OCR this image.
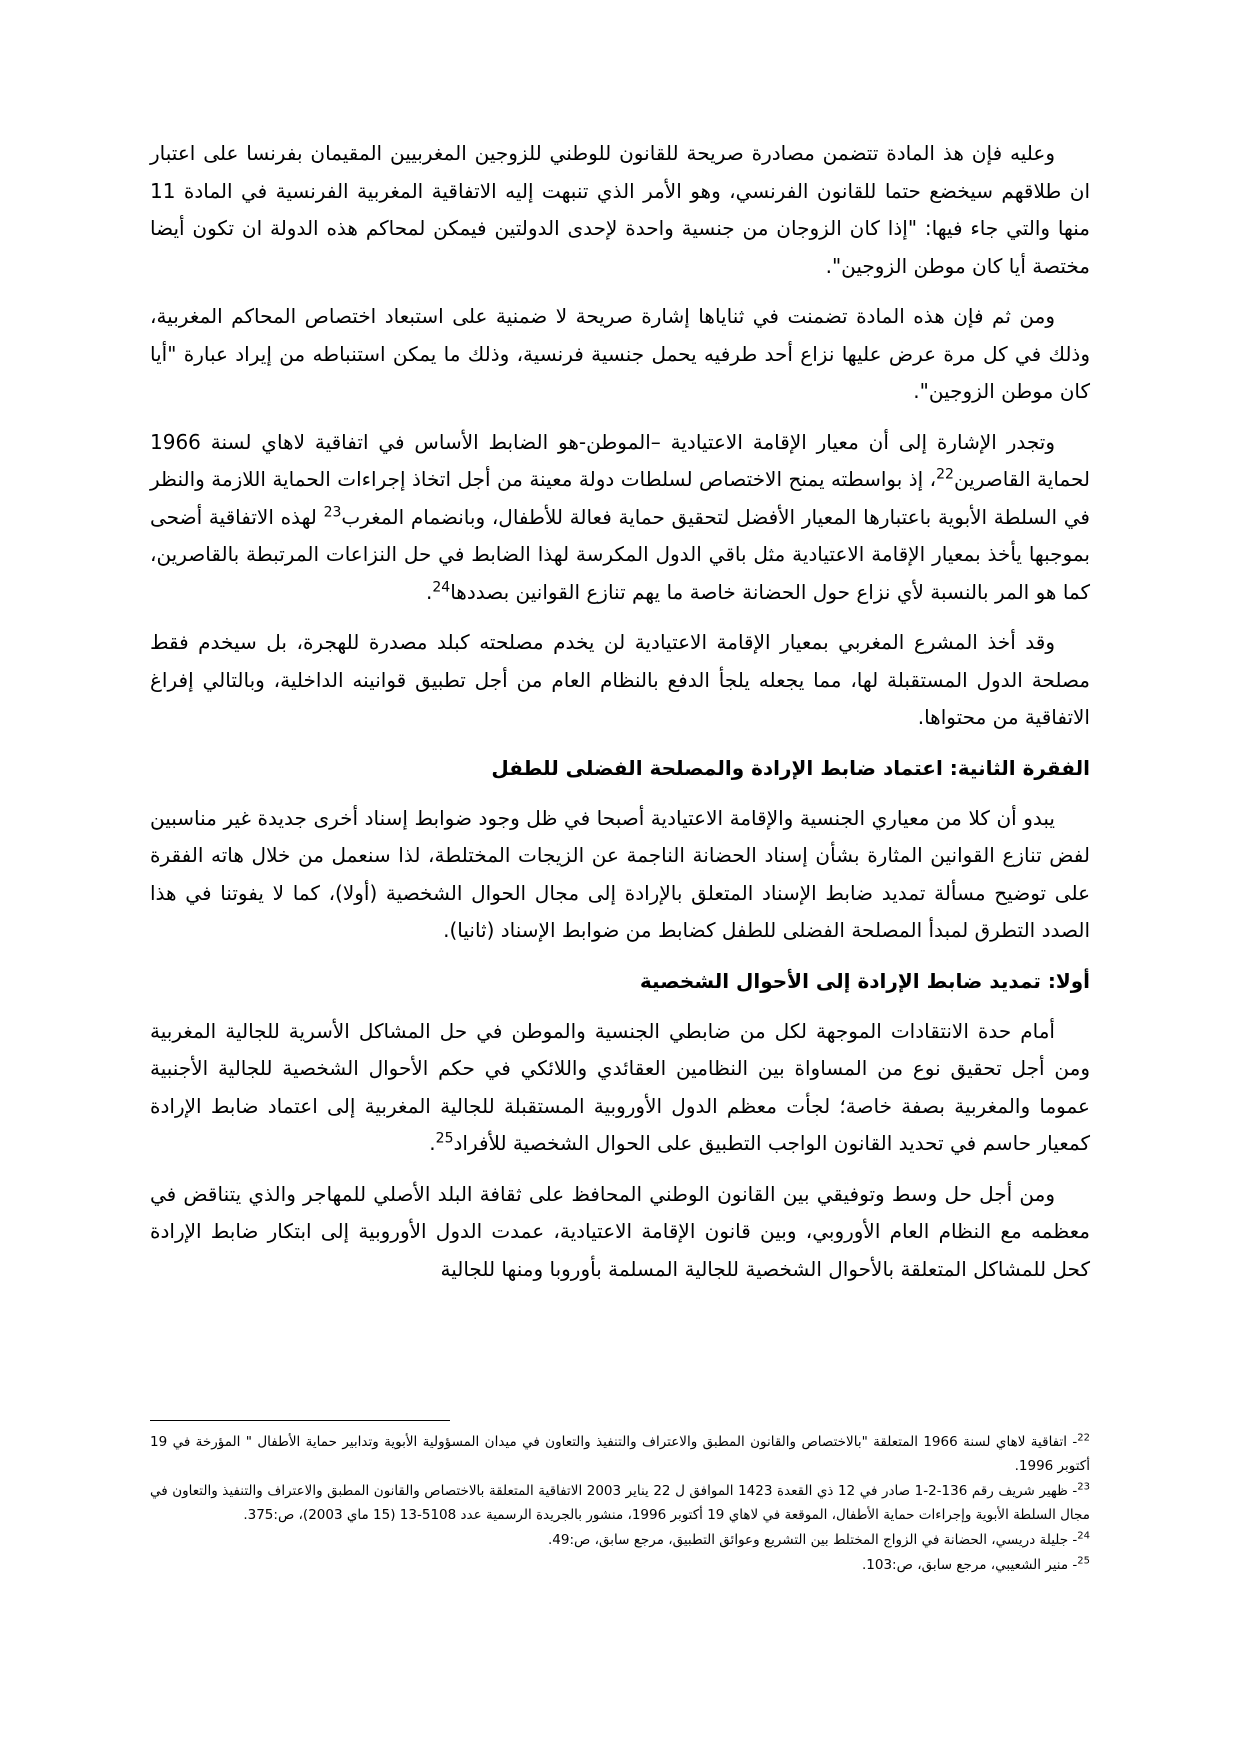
وعليه فإن هذ المادة تتضمن مصادرة صريحة للقانون للوطني للزوجين المغربيين المقيمان بفرنسا على اعتبار ان طلاقهم سيخضع حتما للقانون الفرنسي، وهو الأمر الذي تنبهت إليه الاتفاقية المغربية الفرنسية في المادة 11 منها والتي جاء فيها: "إذا كان الزوجان من جنسية واحدة لإحدى الدولتين فيمكن لمحاكم هذه الدولة ان تكون أيضا مختصة أيا كان موطن الزوجين".

ومن ثم فإن هذه المادة تضمنت في ثناياها إشارة صريحة لا ضمنية على استبعاد اختصاص المحاكم المغربية، وذلك في كل مرة عرض عليها نزاع أحد طرفيه يحمل جنسية فرنسية، وذلك ما يمكن استنباطه من إيراد عبارة "أيا كان موطن الزوجين".

وتجدر الإشارة إلى أن معيار الإقامة الاعتيادية –الموطن-هو الضابط الأساس في اتفاقية لاهاي لسنة 1966 لحماية القاصرين$^{22}$، إذ بواسطته يمنح الاختصاص لسلطات دولة معينة من أجل اتخاذ إجراءات الحماية اللازمة والنظر في السلطة الأبوية باعتبارها المعيار الأفضل لتحقيق حماية فعالة للأطفال، وبانضمام المغرب$^{23}$ لهذه الاتفاقية أضحى بموجبها يأخذ بمعيار الإقامة الاعتيادية مثل باقي الدول المكرسة لهذا الضابط في حل النزاعات المرتبطة بالقاصرين، كما هو المر بالنسبة لأي نزاع حول الحضانة خاصة ما يهم تنازع القوانين بصددها$^{24}$.

وقد أخذ المشرع المغربي بمعيار الإقامة الاعتيادية لن يخدم مصلحته كبلد مصدرة للهجرة، بل سيخدم فقط مصلحة الدول المستقبلة لها، مما يجعله يلجأ الدفع بالنظام العام من أجل تطبيق قوانينه الداخلية، وبالتالي إفراغ الاتفاقية من محتواها.

الفقرة الثانية: اعتماد ضابط الإرادة والمصلحة الفضلى للطفل

يبدو أن كلا من معياري الجنسية والإقامة الاعتيادية أصبحا في ظل وجود ضوابط إسناد أخرى جديدة غير مناسبين لفض تنازع القوانين المثارة بشأن إسناد الحضانة الناجمة عن الزيجات المختلطة، لذا سنعمل من خلال هاته الفقرة على توضيح مسألة تمديد ضابط الإسناد المتعلق بالإرادة إلى مجال الحوال الشخصية (أولا)، كما لا يفوتنا في هذا الصدد التطرق لمبدأ المصلحة الفضلى للطفل كضابط من ضوابط الإسناد (ثانيا).

أولا: تمديد ضابط الإرادة إلى الأحوال الشخصية

أمام حدة الانتقادات الموجهة لكل من ضابطي الجنسية والموطن في حل المشاكل الأسرية للجالية المغربية ومن أجل تحقيق نوع من المساواة بين النظامين العقائدي واللائكي في حكم الأحوال الشخصية للجالية الأجنبية عموما والمغربية بصفة خاصة؛ لجأت معظم الدول الأوروبية المستقبلة للجالية المغربية إلى اعتماد ضابط الإرادة كمعيار حاسم في تحديد القانون الواجب التطبيق على الحوال الشخصية للأفراد$^{25}$.

ومن أجل حل وسط وتوفيقي بين القانون الوطني المحافظ على ثقافة البلد الأصلي للمهاجر والذي يتناقض في معظمه مع النظام العام الأوروبي، وبين قانون الإقامة الاعتيادية، عمدت الدول الأوروبية إلى ابتكار ضابط الإرادة كحل للمشاكل المتعلقة بالأحوال الشخصية للجالية المسلمة بأوروبا ومنها للجالية

$^{22}$- اتفاقية لاهاي لسنة 1966 المتعلقة "بالاختصاص والقانون المطبق والاعتراف والتنفيذ والتعاون في ميدان المسؤولية الأبوية وتدابير حماية الأطفال " المؤرخة في 19 أكتوبر 1996.
$^{23}$- ظهير شريف رقم 136-2-1 صادر في 12 ذي القعدة 1423 الموافق ل 22 يناير 2003 الاتفاقية المتعلقة بالاختصاص والقانون المطبق والاعتراف والتنفيذ والتعاون في مجال السلطة الأبوية وإجراءات حماية الأطفال، الموقعة في لاهاي 19 أكتوبر 1996، منشور بالجريدة الرسمية عدد 5108-13 (15 ماي 2003)، ص:375.
$^{24}$- جليلة دريسي، الحضانة في الزواج المختلط بين التشريع وعوائق التطبيق، مرجع سابق، ص:49.
$^{25}$- منير الشعيبي، مرجع سابق، ص:103.
